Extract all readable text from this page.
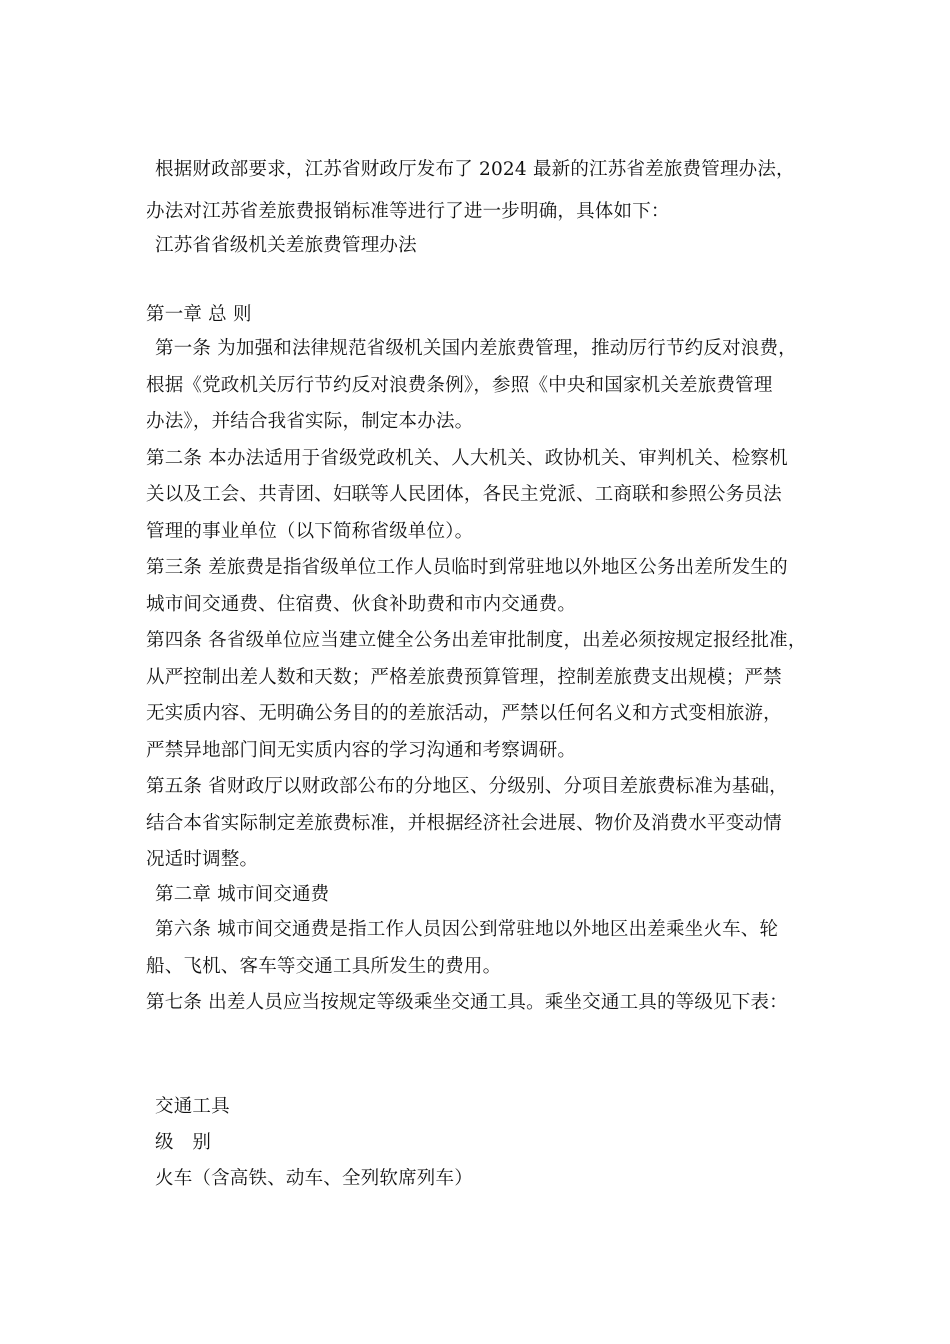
根据财政部要求，江苏省财政厅发布了 2024 最新的江苏省差旅费管理办法，
办法对江苏省差旅费报销标准等进行了进一步明确，具体如下：
江苏省省级机关差旅费管理办法
第一章 总 则
第一条 为加强和法律规范省级机关国内差旅费管理，推动厉行节约反对浪费，
根据《党政机关厉行节约反对浪费条例》，参照《中央和国家机关差旅费管理
办法》，并结合我省实际，制定本办法。
第二条 本办法适用于省级党政机关、人大机关、政协机关、审判机关、检察机
关以及工会、共青团、妇联等人民团体，各民主党派、工商联和参照公务员法
管理的事业单位（以下简称省级单位）。
第三条 差旅费是指省级单位工作人员临时到常驻地以外地区公务出差所发生的
城市间交通费、住宿费、伙食补助费和市内交通费。
第四条 各省级单位应当建立健全公务出差审批制度，出差必须按规定报经批准，
从严控制出差人数和天数；严格差旅费预算管理，控制差旅费支出规模；严禁
无实质内容、无明确公务目的的差旅活动，严禁以任何名义和方式变相旅游，
严禁异地部门间无实质内容的学习沟通和考察调研。
第五条 省财政厅以财政部公布的分地区、分级别、分项目差旅费标准为基础，
结合本省实际制定差旅费标准，并根据经济社会进展、物价及消费水平变动情
况适时调整。
第二章 城市间交通费
第六条 城市间交通费是指工作人员因公到常驻地以外地区出差乘坐火车、轮
船、飞机、客车等交通工具所发生的费用。
第七条 出差人员应当按规定等级乘坐交通工具。乘坐交通工具的等级见下表：
交通工具
级　别
火车（含高铁、动车、全列软席列车）
